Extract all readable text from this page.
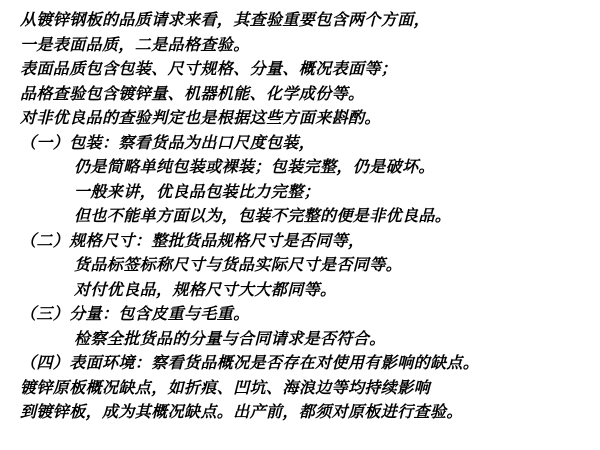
从镀锌钢板的品质请求来看，其查验重要包含两个方面，
一是表面品质，二是品格查验。
表面品质包含包装、尺寸规格、分量、概况表面等；
品格查验包含镀锌量、机器机能、化学成份等。
对非优良品的查验判定也是根据这些方面来斟酌。
（一）包装：察看货品为出口尺度包装，
仍是简略单纯包装或裸装；包装完整，仍是破坏。
一般来讲，优良品包装比力完整；
但也不能单方面以为，包装不完整的便是非优良品。
（二）规格尺寸：整批货品规格尺寸是否同等，
货品标签标称尺寸与货品实际尺寸是否同等。
对付优良品，规格尺寸大大都同等。
（三）分量：包含皮重与毛重。
检察全批货品的分量与合同请求是否符合。
（四）表面环境：察看货品概况是否存在对使用有影响的缺点。
镀锌原板概况缺点，如折痕、凹坑、海浪边等均持续影响
到镀锌板，成为其概况缺点。出产前，都须对原板进行查验。
